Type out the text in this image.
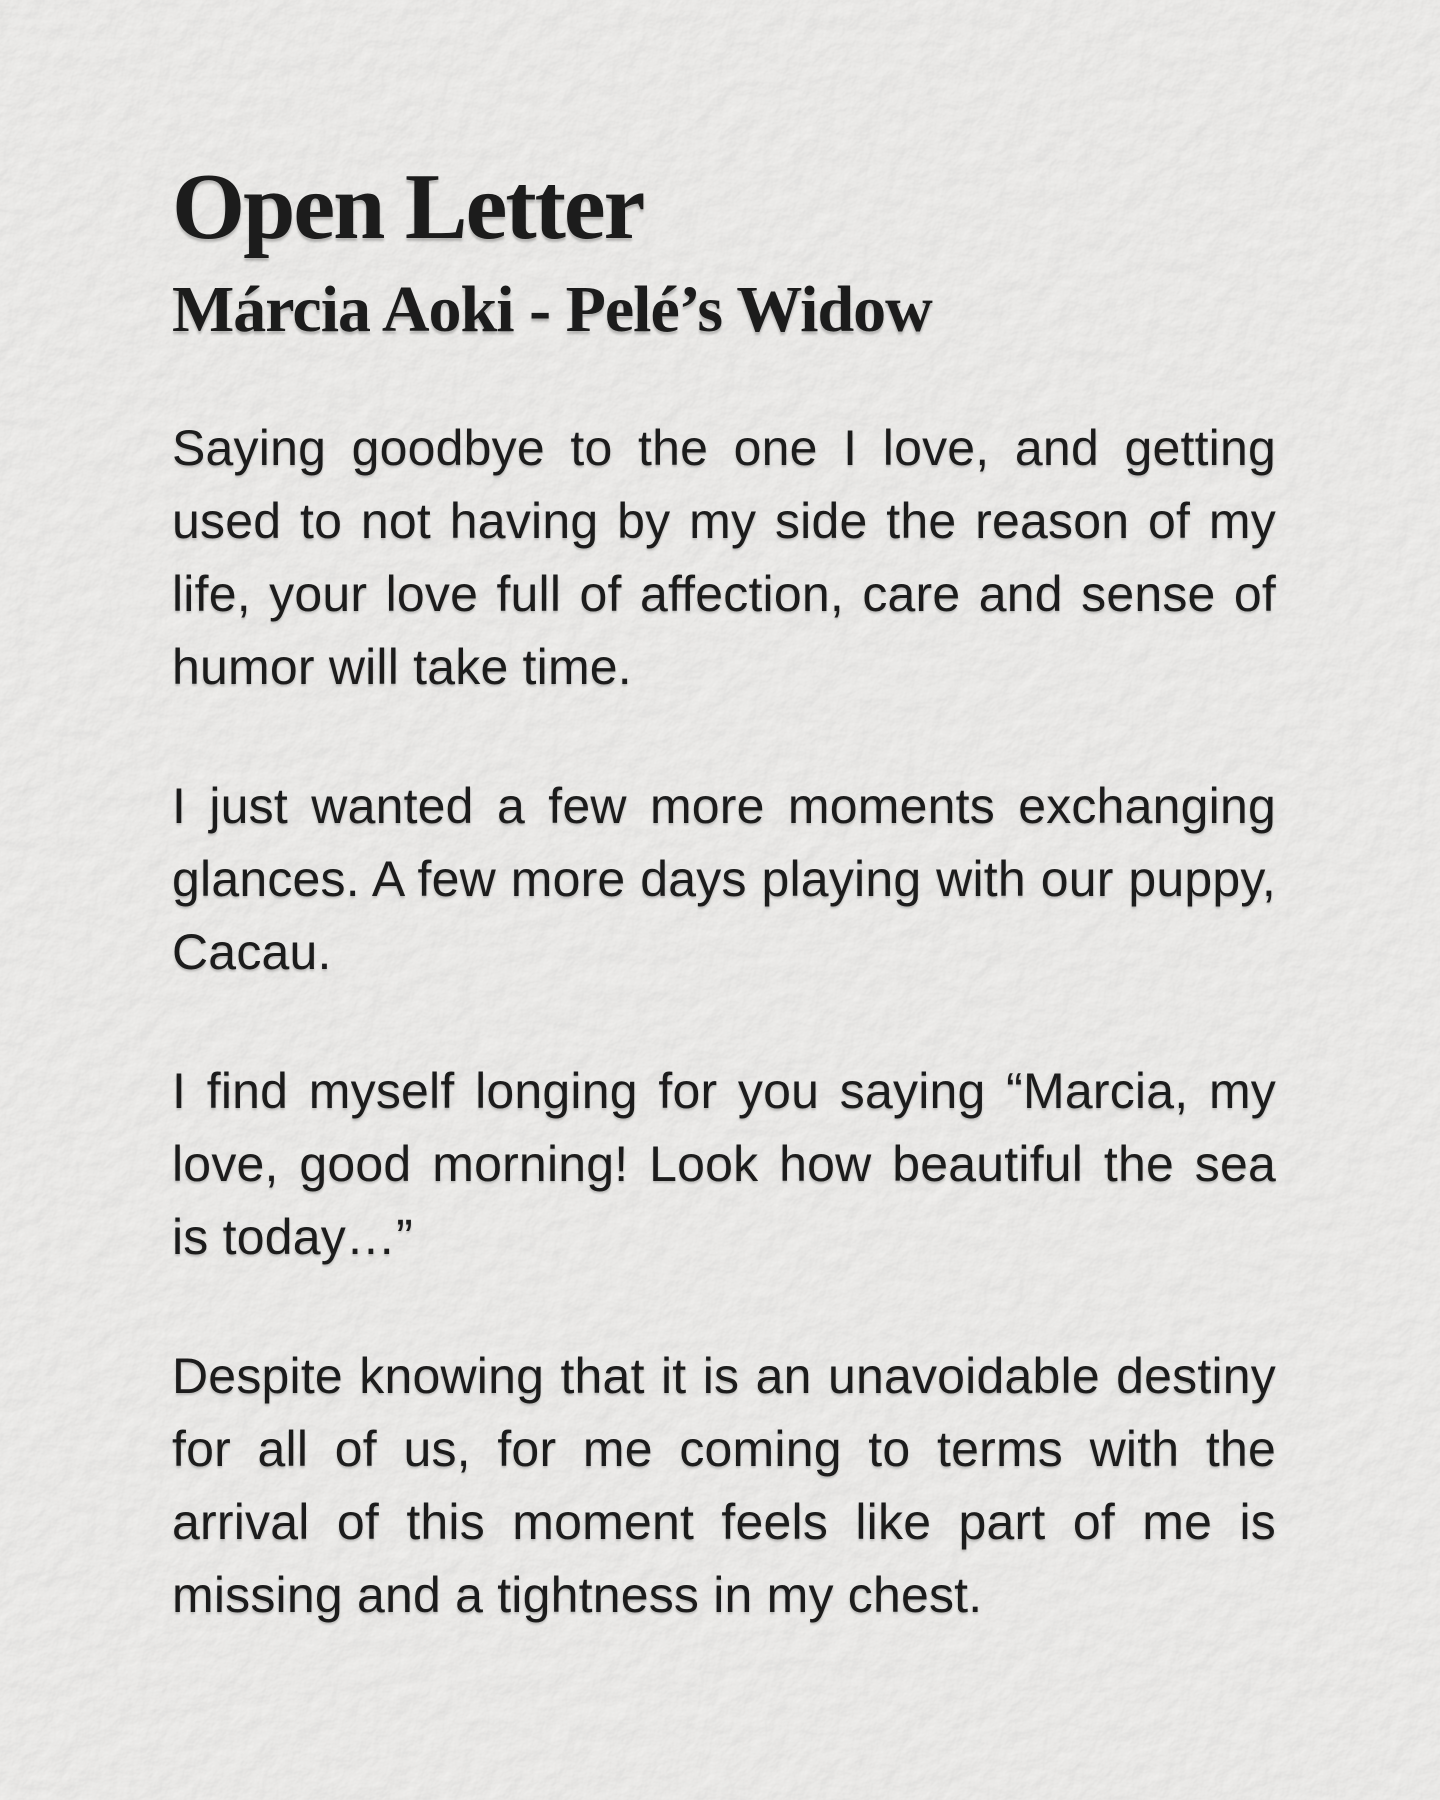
Open Letter
Márcia Aoki - Pelé’s Widow

Saying goodbye to the one I love, and getting used to not having by my side the reason of my life, your love full of affection, care and sense of humor will take time.

I just wanted a few more moments exchanging glances. A few more days playing with our puppy, Cacau.

I find myself longing for you saying “Marcia, my love, good morning! Look how beautiful the sea is today…”

Despite knowing that it is an unavoidable destiny for all of us, for me coming to terms with the arrival of this moment feels like part of me is missing and a tightness in my chest.
